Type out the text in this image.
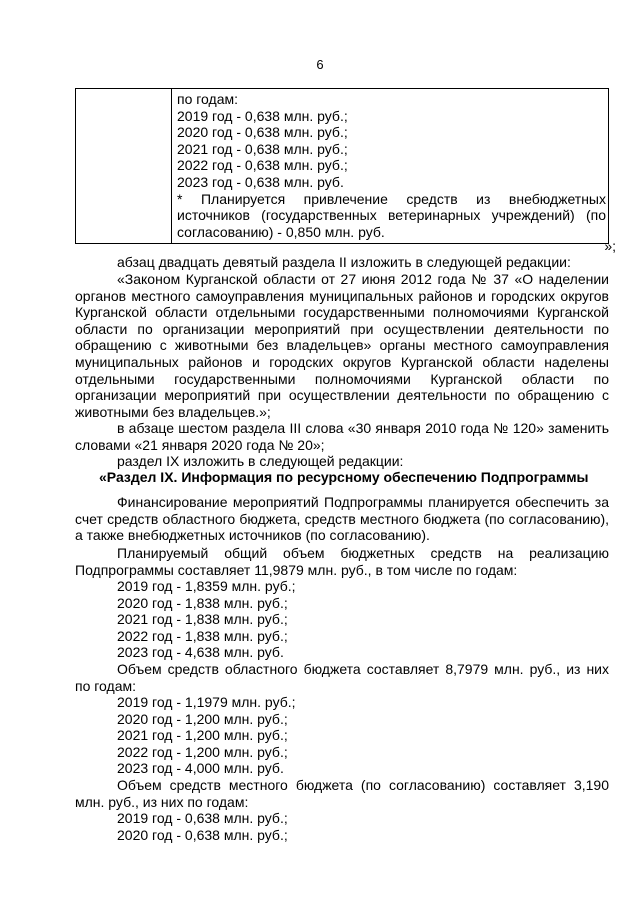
6

по годам:
2019 год - 0,638 млн. руб.;
2020 год - 0,638 млн. руб.;
2021 год - 0,638 млн. руб.;
2022 год - 0,638 млн. руб.;
2023 год - 0,638 млн. руб.
* Планируется привлечение средств из внебюджетных
источников (государственных ветеринарных учреждений) (по
согласованию) - 0,850 млн. руб.
»;
абзац двадцать девятый раздела II изложить в следующей редакции:
«Законом Курганской области от 27 июня 2012 года № 37 «О наделении органов местного самоуправления муниципальных районов и городских округов Курганской области отдельными государственными полномочиями Курганской области по организации мероприятий при осуществлении деятельности по обращению с животными без владельцев» органы местного самоуправления муниципальных районов и городских округов Курганской области наделены отдельными государственными полномочиями Курганской области по организации мероприятий при осуществлении деятельности по обращению с животными без владельцев.»;
в абзаце шестом раздела III слова «30 января 2010 года № 120» заменить словами «21 января 2020 года № 20»;
раздел IX изложить в следующей редакции:
«Раздел IX. Информация по ресурсному обеспечению Подпрограммы
Финансирование мероприятий Подпрограммы планируется обеспечить за счет средств областного бюджета, средств местного бюджета (по согласованию), а также внебюджетных источников (по согласованию).
Планируемый общий объем бюджетных средств на реализацию Подпрограммы составляет 11,9879 млн. руб., в том числе по годам:
2019 год - 1,8359 млн. руб.;
2020 год - 1,838 млн. руб.;
2021 год - 1,838 млн. руб.;
2022 год - 1,838 млн. руб.;
2023 год - 4,638 млн. руб.
Объем средств областного бюджета составляет 8,7979 млн. руб., из них по годам:
2019 год - 1,1979 млн. руб.;
2020 год - 1,200 млн. руб.;
2021 год - 1,200 млн. руб.;
2022 год - 1,200 млн. руб.;
2023 год - 4,000 млн. руб.
Объем средств местного бюджета (по согласованию) составляет 3,190 млн. руб., из них по годам:
2019 год - 0,638 млн. руб.;
2020 год - 0,638 млн. руб.;
